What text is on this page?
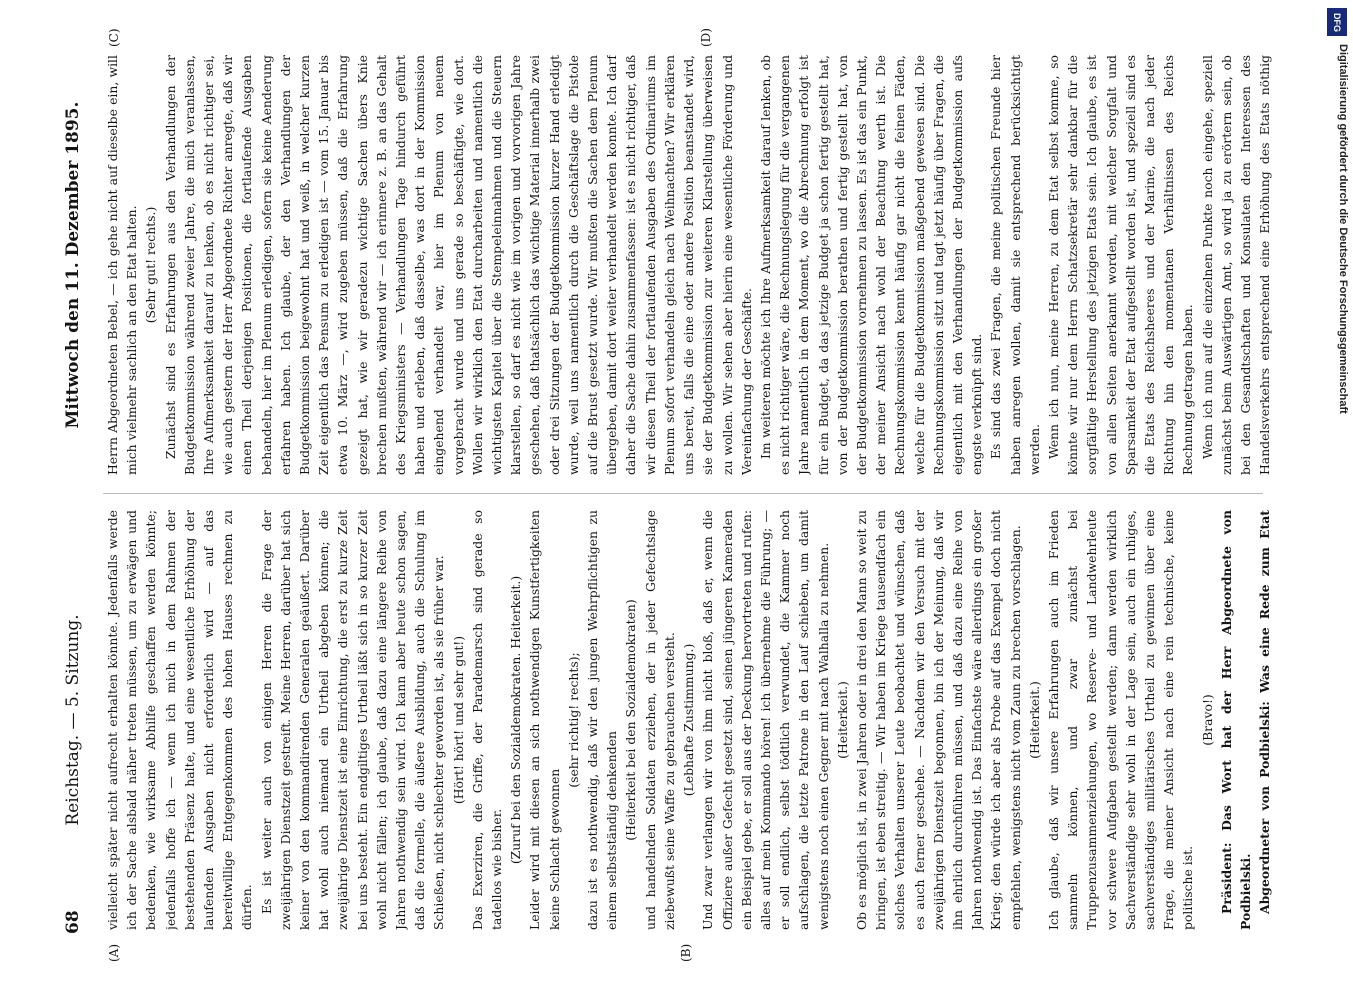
68
Reichstag. — 5. Sitzung.
Mittwoch den 11. Dezember 1895.
(A)	(B)
(C)	(D)

vielleicht später nicht aufrecht erhalten könnte. Jedenfalls werde ich der Sache alsbald näher treten müssen, um zu erwägen und bedenken, wie wirksame Abhilfe geschaffen werden könnte; jedenfalls hoffe ich — wenn ich mich in dem Rahmen der bestehenden Präsenz halte, und eine wesentliche Erhöhung der laufenden Ausgaben nicht erforderlich wird — auf das bereitwillige Entgegenkommen des hohen Hauses rechnen zu dürfen. Es ist weiter auch von einigen Herren die Frage der zweijährigen Dienstzeit gestreift. Meine Herren, darüber hat sich keiner von den kommandirenden Generalen geäußert. Darüber hat wohl auch niemand ein Urtheil abgeben können; die zweijährige Dienstzeit ist eine Einrichtung, die erst zu kurze Zeit bei uns besteht. Ein endgiltiges Urtheil läßt sich in so kurzer Zeit wohl nicht fällen; ich glaube, daß dazu eine längere Reihe von Jahren nothwendig sein wird. Ich kann aber heute schon sagen, daß die formelle, die äußere Ausbildung, auch die Schulung im Schießen, nicht schlechter geworden ist, als sie früher war. (Hört! hört! und sehr gut!) Das Exerziren, die Griffe, der Parademarsch sind gerade so tadellos wie bisher.

(Zuruf bei den Sozialdemokraten. Heiterkeit.) Leider wird mit diesen an sich nothwendigen Kunstfertigkeiten keine Schlacht gewonnen

(sehr richtig! rechts); dazu ist es nothwendig, daß wir den jungen Wehrpflichtigen zu einem selbstständig denkenden (Heiterkeit bei den Sozialdemokraten) und handelnden Soldaten erziehen, der in jeder Gefechtslage ziebewußt seine Waffe zu gebrauchen versteht. (Lebhafte Zustimmung.) Und zwar verlangen wir von ihm nicht bloß, daß er, wenn die Offiziere außer Gefecht gesetzt sind, seinen jüngeren Kameraden ein Beispiel gebe, er soll aus der Deckung hervortreten und rufen: alles auf mein Kommando hören! ich übernehme die Führung; — er soll endlich, selbst tödtlich verwundet, die Kammer noch aufschlagen, die letzte Patrone in den Lauf schieben, um damit wenigstens noch einen Gegner mit nach Walhalla zu nehmen. (Heiterkeit.) Ob es möglich ist, in zwei Jahren oder in drei den Mann so weit zu bringen, ist eben streitig. — Wir haben im Kriege tausendfach ein solches Verhalten unserer Leute beobachtet und wünschen, daß es auch ferner geschehe. — Nachdem wir den Versuch mit der zweijährigen Dienstzeit begonnen, bin ich der Meinung, daß wir ihn ehrlich durchführen müssen, und daß dazu eine Reihe von Jahren nothwendig ist. Das Einfachste wäre allerdings ein großer Krieg; den würde ich aber als Probe auf das Exempel doch nicht empfehlen, wenigstens nicht vom Zaun zu brechen vorschlagen. (Heiterkeit.) Ich glaube, daß wir unsere Erfahrungen auch im Frieden sammeln können, und zwar zunächst bei Truppenzusammenziehungen, wo Reserve- und Landwehrleute vor schwere Aufgaben gestellt werden; dann werden wirklich Sachverständige sehr wohl in der Lage sein, auch ein ruhiges, sachverständiges militärisches Urtheil zu gewinnen über eine Frage, die meiner Ansicht nach eine rein technische, keine politische ist.

(Bravo!) Präsident: Das Wort hat der Herr Abgeordnete von Podbielski. Abgeordneter von Podbielski: Was eine Rede zum Etat

Herrn Abgeordneten Bebel, — ich gehe nicht auf dieselbe ein, will mich vielmehr sachlich an den Etat halten. (Sehr gut! rechts.) Zunächst sind es Erfahrungen aus den Verhandlungen der Budgetkommission während zweier Jahre, die mich veranlassen, Ihre Aufmerksamkeit darauf zu lenken, ob es nicht richtiger sei, wie auch gestern der Herr Abgeordnete Richter anregte, daß wir einen Theil derjenigen Positionen, die fortlaufende Ausgaben behandeln, hier im Plenum erledigen, sofern sie keine Aenderung erfahren haben. Ich glaube, der den Verhandlungen der Budgetkommission beigewohnt hat und weiß, in welcher kurzen Zeit eigentlich das Pensum zu erledigen ist — vom 15. Januar bis etwa 10. März —, wird zugeben müssen, daß die Erfahrung gezeigt hat, wie wir geradezu wichtige Sachen übers Knie brechen mußten, während wir — ich erinnere z. B. an das Gehalt des Kriegsministers — Verhandlungen Tage hindurch geführt haben und erleben, daß dasselbe, was dort in der Kommission eingehend verhandelt war, hier im Plenum von neuem vorgebracht wurde und uns gerade so beschäftigte, wie dort. Wollen wir wirklich den Etat durcharbeiten und namentlich die wichtigsten Kapitel über die Stempeleinnahmen und die Steuern klarstellen, so darf es nicht wie im vorigen und vorvorigen Jahre geschehen, daß thatsächlich das wichtige Material innerhalb zwei oder drei Sitzungen der Budgetkommission kurzer Hand erledigt wurde, weil uns namentlich durch die Geschäftslage die Pistole auf die Brust gesetzt wurde. Wir mußten die Sachen dem Plenum übergeben, damit dort weiter verhandelt werden konnte. Ich darf daher die Sache dahin zusammenfassen: ist es nicht richtiger, daß wir diesen Theil der fortlaufenden Ausgaben des Ordinariums im Plenum sofort verhandeln gleich nach Weihnachten? Wir erklären uns bereit, falls die eine oder andere Position beanstandet wird, sie der Budgetkommission zur weiteren Klarstellung überweisen zu wollen. Wir sehen aber hierin eine wesentliche Förderung und Vereinfachung der Geschäfte. Im weiteren möchte ich Ihre Aufmerksamkeit darauf lenken, ob es nicht richtiger wäre, die Rechnungslegung für die vergangenen Jahre namentlich in dem Moment, wo die Abrechnung erfolgt ist für ein Budget, da das jetzige Budget ja schon fertig gestellt hat, von der Budgetkommission berathen und fertig gestellt hat, von der Budgetkommission vornehmen zu lassen. Es ist das ein Punkt, der meiner Ansicht nach wohl der Beachtung werth ist. Die Rechnungskommission kennt häufig gar nicht die feinen Fäden, welche für die Budgetkommission maßgebend gewesen sind. Die Rechnungskommission sitzt und tagt jetzt häufig über Fragen, die eigentlich mit den Verhandlungen der Budgetkommission aufs engste verknüpft sind. Es sind das zwei Fragen, die meine politischen Freunde hier haben anregen wollen, damit sie entsprechend berücksichtigt werden. Wenn ich nun, meine Herren, zu dem Etat selbst komme, so könnte wir nur dem Herrn Schatzsekretär sehr dankbar für die sorgfältige Herstellung des jetzigen Etats sein. Ich glaube, es ist von allen Seiten anerkannt worden, mit welcher Sorgfalt und Sparsamkeit der Etat aufgestellt worden ist, und speziell sind es die Etats des Reichsheeres und der Marine, die nach jeder Richtung hin den momentanen Verhältnissen des Reichs Rechnung getragen haben. Wenn ich nun auf die einzelnen Punkte noch eingehe, speziell zunächst beim Auswärtigen Amt, so wird ja zu erörtern sein, ob bei den Gesandtschaften und Konsulaten den Interessen des Handelsverkehrs entsprechend eine Erhöhung des Etats nöthig

DFG
Digitalisierung gefördert durch die Deutsche Forschungsgemeinschaft
